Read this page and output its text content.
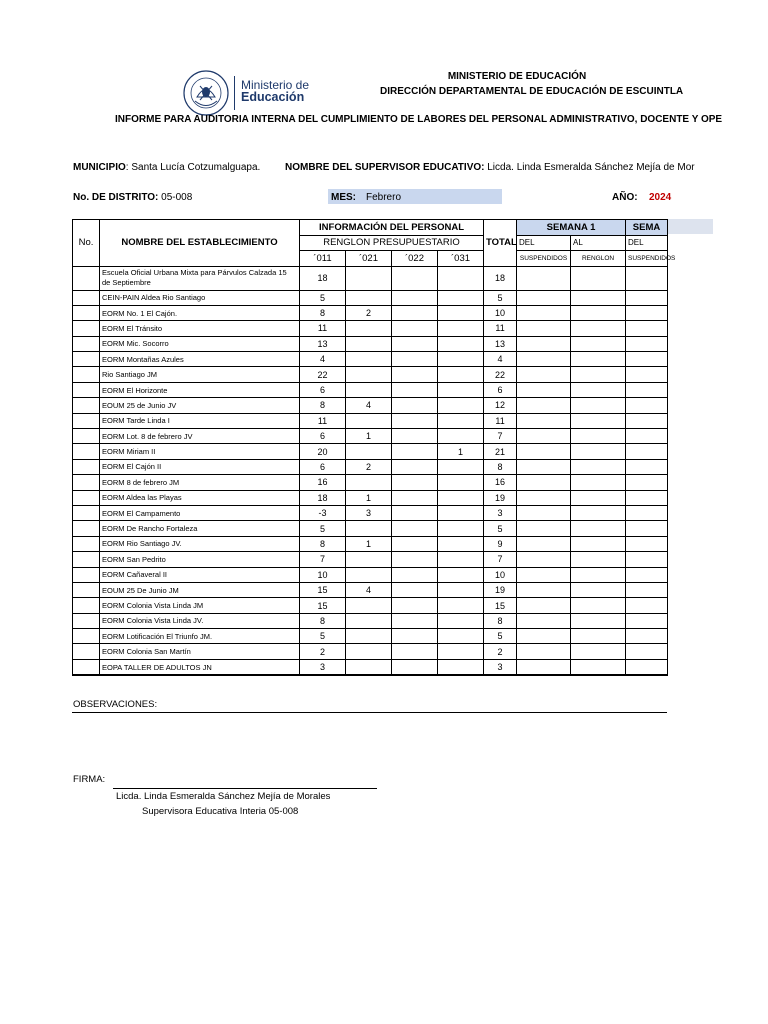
Ministerio de
Educación
MINISTERIO DE EDUCACIÓN
DIRECCIÓN DEPARTAMENTAL DE EDUCACIÓN DE ESCUINTLA
INFORME PARA AUDITORIA INTERNA DEL CUMPLIMIENTO DE LABORES DEL PERSONAL ADMINISTRATIVO, DOCENTE Y OPE
MUNICIPIO: Santa Lucía Cotzumalguapa. NOMBRE DEL SUPERVISOR EDUCATIVO: Licda. Linda Esmeralda Sánchez Mejía de Mor
No. DE DISTRITO: 05-008	MES: Febrero	AÑO: 2024
No.	NOMBRE DEL ESTABLECIMIENTO	INFORMACIÓN DEL PERSONAL				TOTAL	SEMANA 1		SEMA
		RENGLON PRESUPUESTARIO					DEL	AL	DEL
		´011	´021	´022	´031		SUSPENDIDOS	RENGLON	SUSPENDIDOS
	Escuela Oficial Urbana Mixta para Párvulos Calzada 15 de Septiembre	18				18			
	CEIN-PAIN Aldea Rio Santiago	5				5			
	EORM No. 1 El Cajón.	8	2			10			
	EORM El Tránsito	11				11			
	EORM Mic. Socorro	13				13			
	EORM Montañas Azules	4				4			
	Rio Santiago JM	22				22			
	EORM El Horizonte	6				6			
	EOUM 25 de Junio JV	8	4			12			
	EORM Tarde Linda I	11				11			
	EORM Lot. 8 de febrero JV	6	1			7			
	EORM Miriam II	20			1	21			
	EORM El Cajón II	6	2			8			
	EORM 8 de febrero JM	16				16			
	EORM Aldea las Playas	18	1			19			
	EORM El Campamento	-3	3			3			
	EORM De Rancho Fortaleza	5				5			
	EORM Rio Santiago JV.	8	1			9			
	EORM San Pedrito	7				7			
	EORM Cañaveral II	10				10			
	EOUM 25 De Junio JM	15	4			19			
	EORM Colonia Vista Linda JM	15				15			
	EORM Colonia Vista Linda JV.	8				8			
	EORM Lotificación El Triunfo JM.	5				5			
	EORM Colonia San Martín	2				2			
	EOPA TALLER DE ADULTOS JN	3				3			
OBSERVACIONES:
FIRMA:
Licda. Linda Esmeralda Sánchez Mejía de Morales
Supervisora Educativa Interia 05-008
